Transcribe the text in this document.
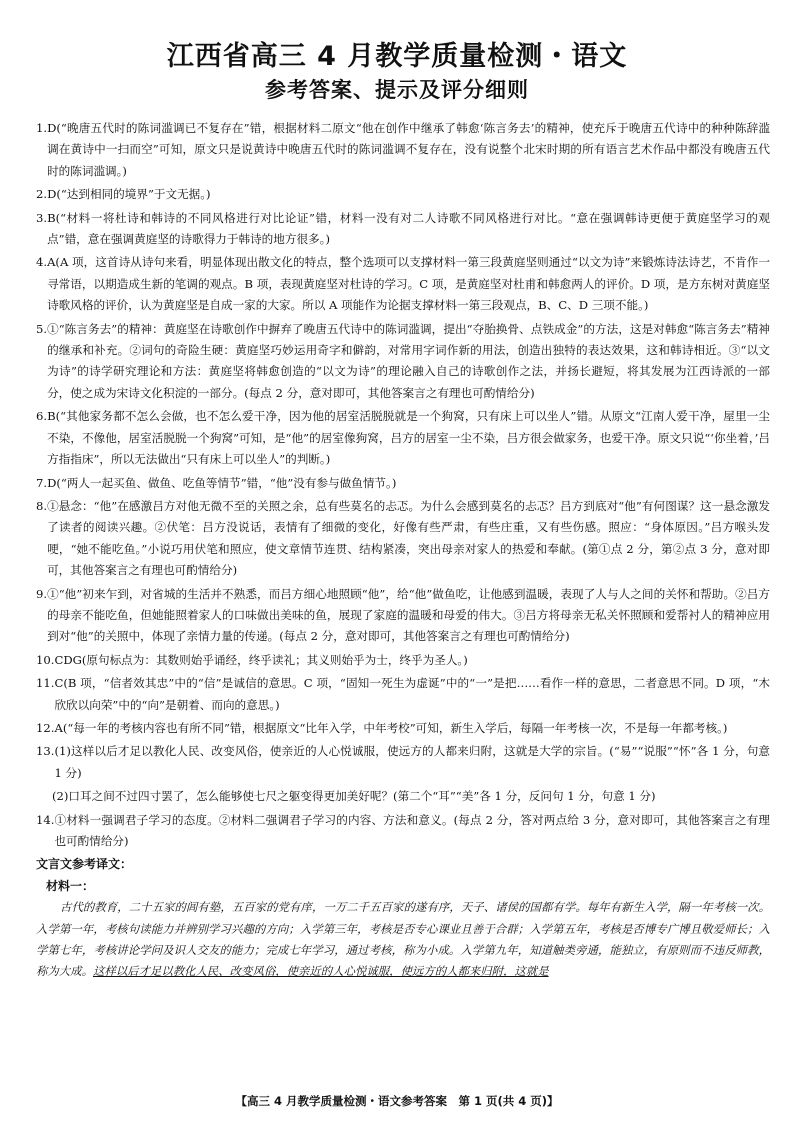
江西省高三 4 月教学质量检测・语文
参考答案、提示及评分细则
1. D(“晚唐五代时的陈词滥调已不复存在”错，根据材料二原文“他在创作中继承了韩愈‘陈言务去’的精神，使充斥于晚唐五代诗中的种种陈辞滥调在黄诗中一扫而空”可知，原文只是说黄诗中晚唐五代时的陈词滥调不复存在，没有说整个北宋时期的所有语言艺术作品中都没有晚唐五代时的陈词滥调。)
2. D(“达到相同的境界”于文无据。)
3. B(“材料一将杜诗和韩诗的不同风格进行对比论证”错，材料一没有对二人诗歌不同风格进行对比。“意在强调韩诗更便于黄庭坚学习的观点”错，意在强调黄庭坚的诗歌得力于韩诗的地方很多。)
4. A(A 项，这首诗从诗句来看，明显体现出散文化的特点，整个选项可以支撑材料一第三段黄庭坚则通过“以文为诗”来锻炼诗法诗艺，不肯作一寻常语，以期造成生新的笔调的观点。B 项，表现黄庭坚对杜诗的学习。C 项，是黄庭坚对杜甫和韩愈两人的评价。D 项，是方东树对黄庭坚诗歌风格的评价，认为黄庭坚是自成一家的大家。所以 A 项能作为论据支撑材料一第三段观点，B、C、D 三项不能。)
5. ①“陈言务去”的精神：黄庭坚在诗歌创作中摒弃了晚唐五代诗中的陈词滥调，提出“夺胎换骨、点铁成金”的方法，这是对韩愈“陈言务去”精神的继承和补充。②词句的奇险生硬：黄庭坚巧妙运用奇字和僻韵，对常用字词作新的用法，创造出独特的表达效果，这和韩诗相近。③“以文为诗”的诗学研究理论和方法：黄庭坚将韩愈创造的“以文为诗”的理论融入自己的诗歌创作之法，并扬长避短，将其发展为江西诗派的一部分，使之成为宋诗文化积淀的一部分。(每点 2 分，意对即可，其他答案言之有理也可酌情给分)
6. B(“其他家务都不怎么会做，也不怎么爱干净，因为他的居室活脱脱就是一个狗窝，只有床上可以坐人”错。从原文“江南人爱干净，屋里一尘不染，不像他，居室活脱脱一个狗窝”可知，是“他”的居室像狗窝，吕方的居室一尘不染，吕方很会做家务，也爱干净。原文只说“‘你坐着，’吕方指指床”，所以无法做出“只有床上可以坐人”的判断。)
7. D(“两人一起买鱼、做鱼、吃鱼等情节”错，“他”没有参与做鱼情节。)
8. ①悬念：“他”在感激吕方对他无微不至的关照之余，总有些莫名的忐忑。为什么会感到莫名的忐忑？吕方到底对“他”有何图谋？这一悬念激发了读者的阅读兴趣。②伏笔：吕方没说话，表情有了细微的变化，好像有些严肃，有些庄重，又有些伤感。照应：“身体原因。”吕方喉头发哽，“她不能吃鱼。”小说巧用伏笔和照应，使文章情节连贯、结构紧凑，突出母亲对家人的热爱和奉献。(第①点 2 分，第②点 3 分，意对即可，其他答案言之有理也可酌情给分)
9. ①“他”初来乍到，对省城的生活并不熟悉，而吕方细心地照顾“他”，给“他”做鱼吃，让他感到温暖，表现了人与人之间的关怀和帮助。②吕方的母亲不能吃鱼，但她能照着家人的口味做出美味的鱼，展现了家庭的温暖和母爱的伟大。③吕方将母亲无私关怀照顾和爱帮衬人的精神应用到对“他”的关照中，体现了亲情力量的传递。(每点 2 分，意对即可，其他答案言之有理也可酌情给分)
10. CDG(原句标点为：其数则始乎诵经，终乎读礼；其义则始乎为士，终乎为圣人。)
11. C(B 项，“信者效其忠”中的“信”是诚信的意思。C 项，“固知一死生为虚诞”中的“一”是把……看作一样的意思，二者意思不同。D 项，“木欣欣以向荣”中的“向”是朝着、而向的意思。)
12. A(“每一年的考核内容也有所不同”错，根据原文“比年入学，中年考校”可知，新生入学后，每隔一年考核一次，不是每一年都考核。)
13. (1)这样以后才足以教化人民、改变风俗，使亲近的人心悦诚服，使远方的人都来归附，这就是大学的宗旨。(“易”“说服”“怀”各 1 分，句意 1 分)
(2)口耳之间不过四寸罢了，怎么能够使七尺之躯变得更加美好呢？(第二个“耳”“美”各 1 分，反问句 1 分，句意 1 分)
14. ①材料一强调君子学习的态度。②材料二强调君子学习的内容、方法和意义。(每点 2 分，答对两点给 3 分，意对即可，其他答案言之有理也可酌情给分)
文言文参考译文：
材料一：
古代的教育，二十五家的闾有塾，五百家的党有庠，一万二千五百家的遂有序，天子、诸侯的国都有学。每年有新生入学，隔一年考核一次。入学第一年，考核句读能力并辨别学习兴趣的方向；入学第三年，考核是否专心课业且善于合群；入学第五年，考核是否博专广博且敬爱师长；入学第七年，考核讲论学问及识人交友的能力；完成七年学习，通过考核，称为小成。入学第九年，知道触类旁通，能独立，有原则而不违反师教，称为大成。这样以后才足以教化人民、改变风俗，使亲近的人心悦诚服，使远方的人都来归附，这就是
【高三 4 月教学质量检测・语文参考答案　第 1 页(共 4 页)】
